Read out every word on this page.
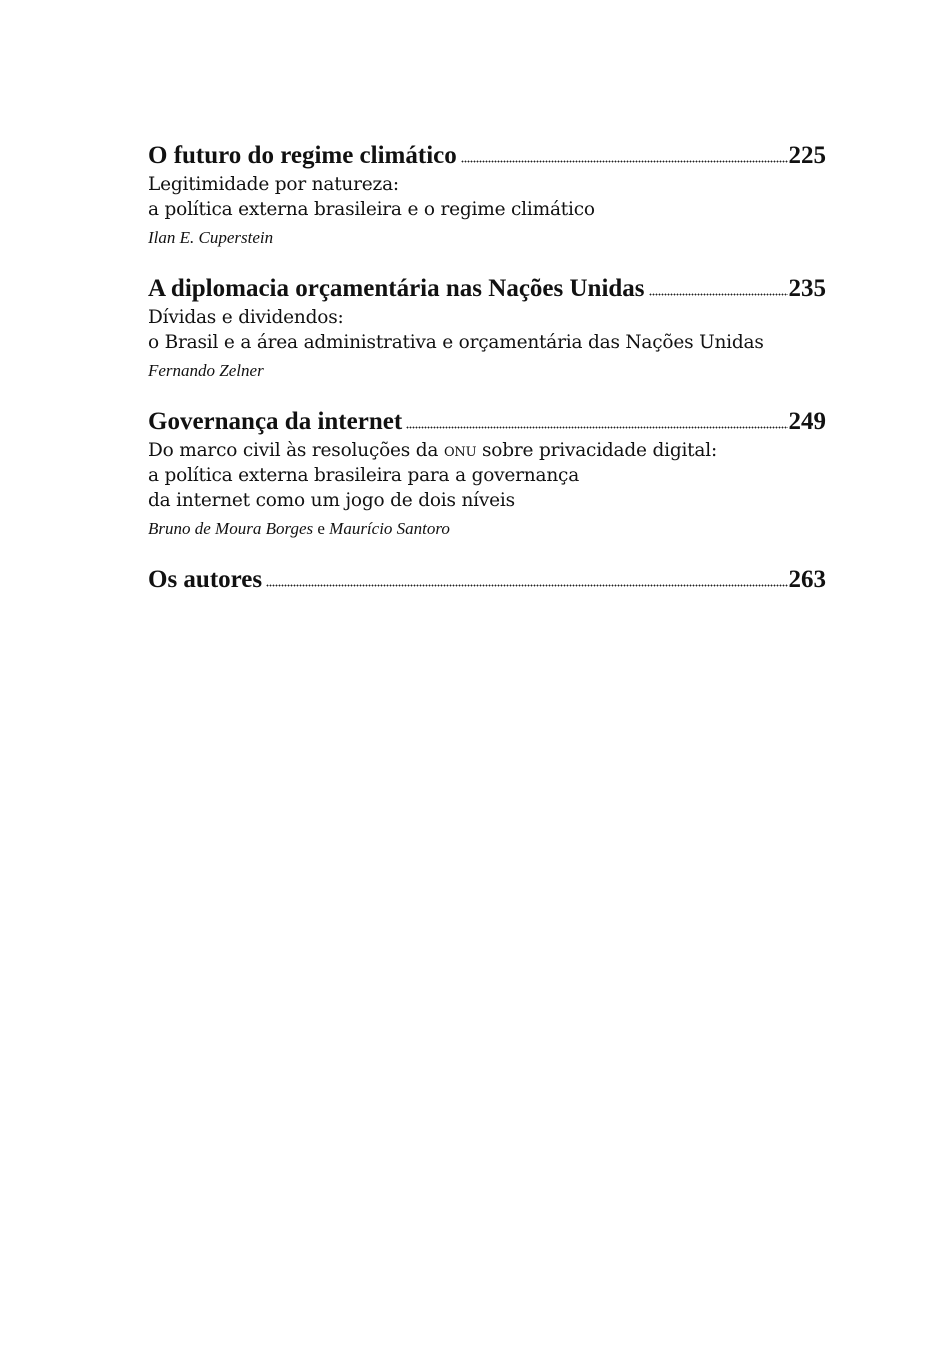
O futuro do regime climático	225
Legitimidade por natureza:
a política externa brasileira e o regime climático
Ilan E. Cuperstein
A diplomacia orçamentária nas Nações Unidas	235
Dívidas e dividendos:
o Brasil e a área administrativa e orçamentária das Nações Unidas
Fernando Zelner
Governança da internet	249
Do marco civil às resoluções da onu sobre privacidade digital:
a política externa brasileira para a governança
da internet como um jogo de dois níveis
Bruno de Moura Borges e Maurício Santoro
Os autores	263
